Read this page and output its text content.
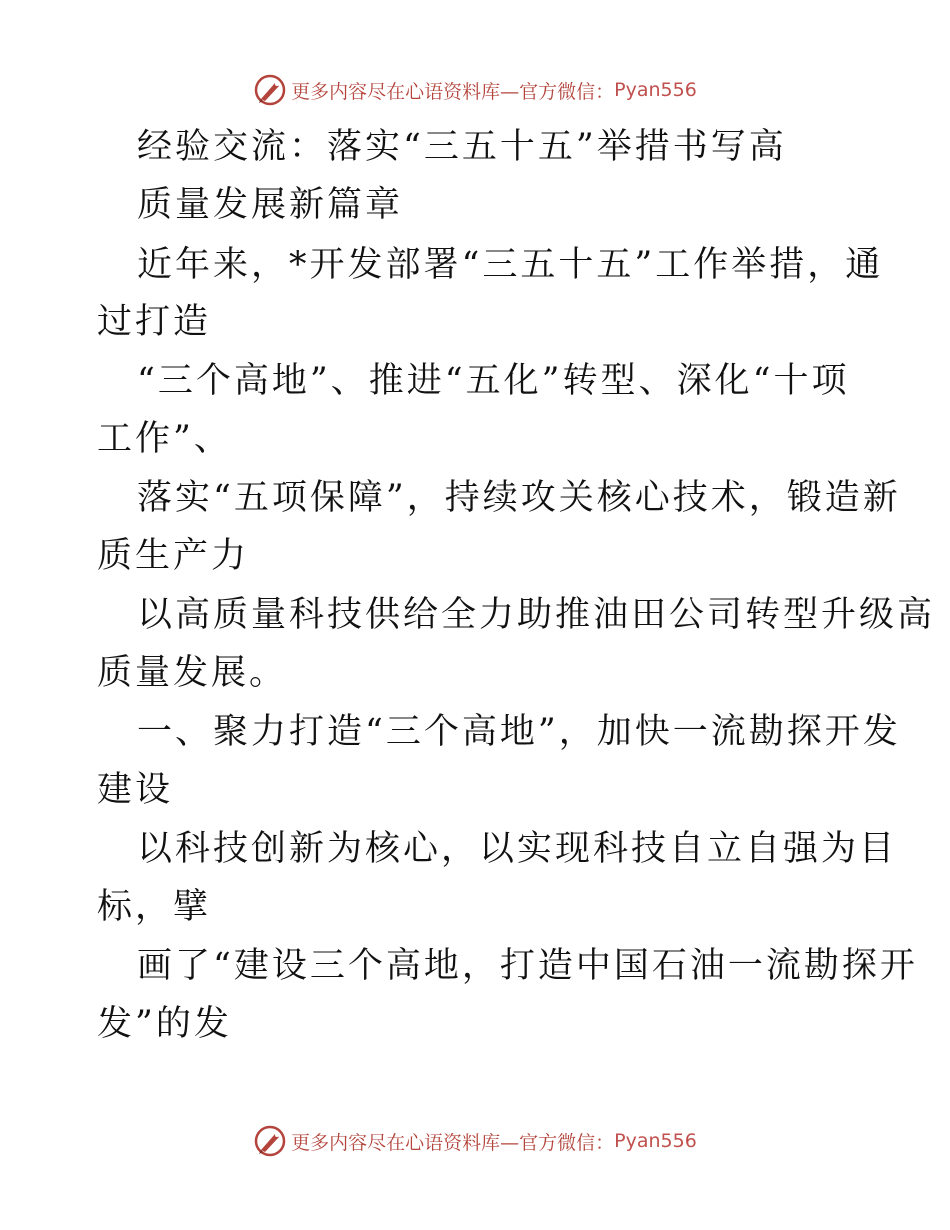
更多内容尽在心语资料库—官方微信： Pyan556
经验交流：落实“三五十五”举措书写高
质量发展新篇章
近年来，*开发部署“三五十五”工作举措，通
过打造
“三个高地”、推进“五化”转型、深化“十项
工作”、
落实“五项保障”，持续攻关核心技术，锻造新
质生产力
以高质量科技供给全力助推油田公司转型升级高
质量发展。
一、聚力打造“三个高地”，加快一流勘探开发
建设
以科技创新为核心，以实现科技自立自强为目
标，擘
画了“建设三个高地，打造中国石油一流勘探开
发”的发
更多内容尽在心语资料库—官方微信： Pyan556
